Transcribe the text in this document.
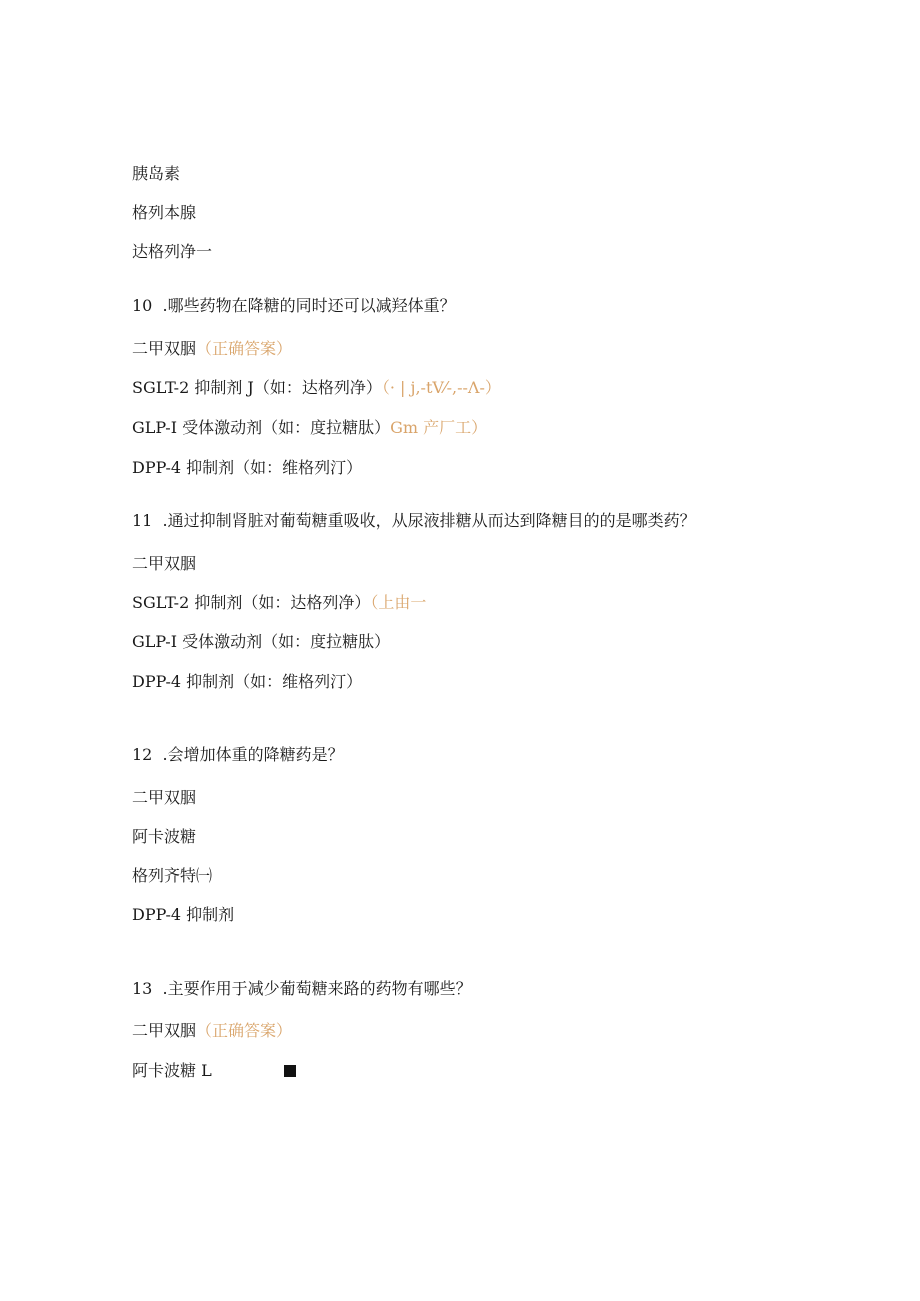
胰岛素
格列本腺
达格列净一
10  .哪些药物在降糖的同时还可以减羟体重？
二甲双胭（正确答案）
SGLT-2 抑制剂 J（如：达格列净）（· | j,-tV⁄-,--Λ-）
GLP-I 受体激动剂（如：度拉糖肽）Gm 产厂工）
DPP-4 抑制剂（如：维格列汀）
11  .通过抑制肾脏对葡萄糖重吸收，从尿液排糖从而达到降糖目的的是哪类药？
二甲双胭
SGLT-2 抑制剂（如：达格列净）（上由一
GLP-I 受体激动剂（如：度拉糖肽）
DPP-4 抑制剂（如：维格列汀）
12  .会增加体重的降糖药是？
二甲双胭
阿卡波糖
格列齐特㈠
DPP-4 抑制剂
13  .主要作用于减少葡萄糖来路的药物有哪些？
二甲双胭（正确答案）
阿卡波糖 L
